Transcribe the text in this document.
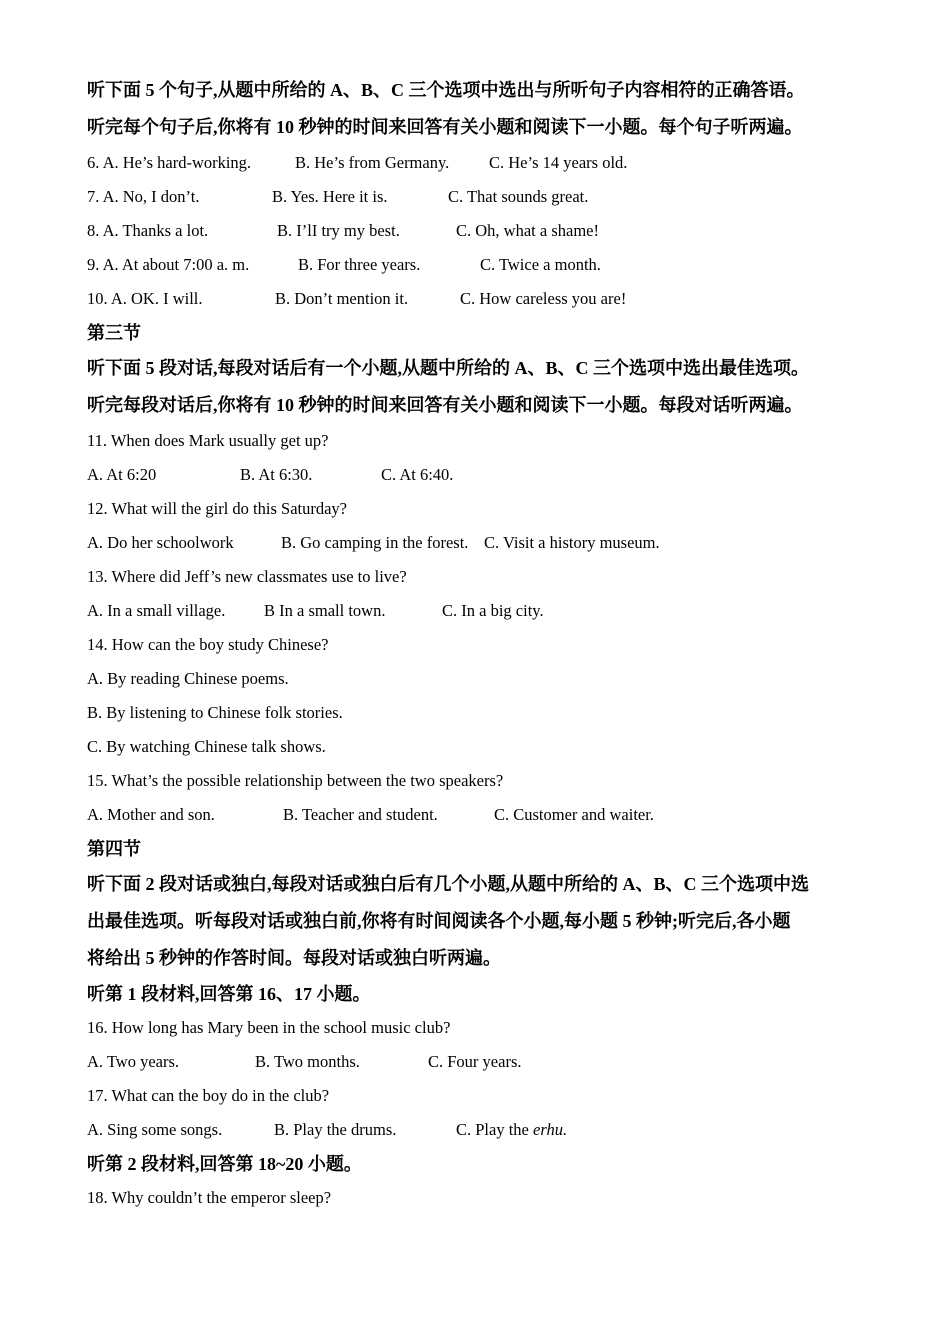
听下面 5 个句子,从题中所给的 A、B、C 三个选项中选出与所听句子内容相符的正确答语。
听完每个句子后,你将有 10 秒钟的时间来回答有关小题和阅读下一小题。每个句子听两遍。
6. A. He’s hard-working.	B. He’s from Germany. C. He’s 14 years old.
7. A. No, I don’t.	B. Yes. Here it is.	C. That sounds great.
8. A. Thanks a lot.	B. I’lI try my best.	C. Oh, what a shame!
9. A. At about 7:00 a. m.	B. For three years.	C. Twice a month.
10. A. OK. I will.	B. Don’t mention it.	C. How careless you are!
第三节
听下面 5 段对话,每段对话后有一个小题,从题中所给的 A、B、C 三个选项中选出最佳选项。
听完每段对话后,你将有 10 秒钟的时间来回答有关小题和阅读下一小题。每段对话听两遍。
11. When does Mark usually get up?
A. At 6:20	B. At 6:30.	C. At 6:40.
12. What will the girl do this Saturday?
A. Do her schoolwork	B. Go camping in the forest. C. Visit a history museum.
13. Where did Jeff’s new classmates use to live?
A. In a small village. B In a small town.	C. In a big city.
14. How can the boy study Chinese?
A. By reading Chinese poems.
B. By listening to Chinese folk stories.
C. By watching Chinese talk shows.
15. What’s the possible relationship between the two speakers?
A. Mother and son.	B. Teacher and student.	C. Customer and waiter.
第四节
听下面 2 段对话或独白,每段对话或独白后有几个小题,从题中所给的 A、B、C 三个选项中选
出最佳选项。听每段对话或独白前,你将有时间阅读各个小题,每小题 5 秒钟;听完后,各小题
将给出 5 秒钟的作答时间。每段对话或独白听两遍。
听第 1 段材料,回答第 16、17 小题。
16. How long has Mary been in the school music club?
A. Two years.	B. Two months.	C. Four years.
17. What can the boy do in the club?
A. Sing some songs.	B. Play the drums.	C. Play the erhu.
听第 2 段材料,回答第 18~20 小题。
18. Why couldn’t the emperor sleep?
